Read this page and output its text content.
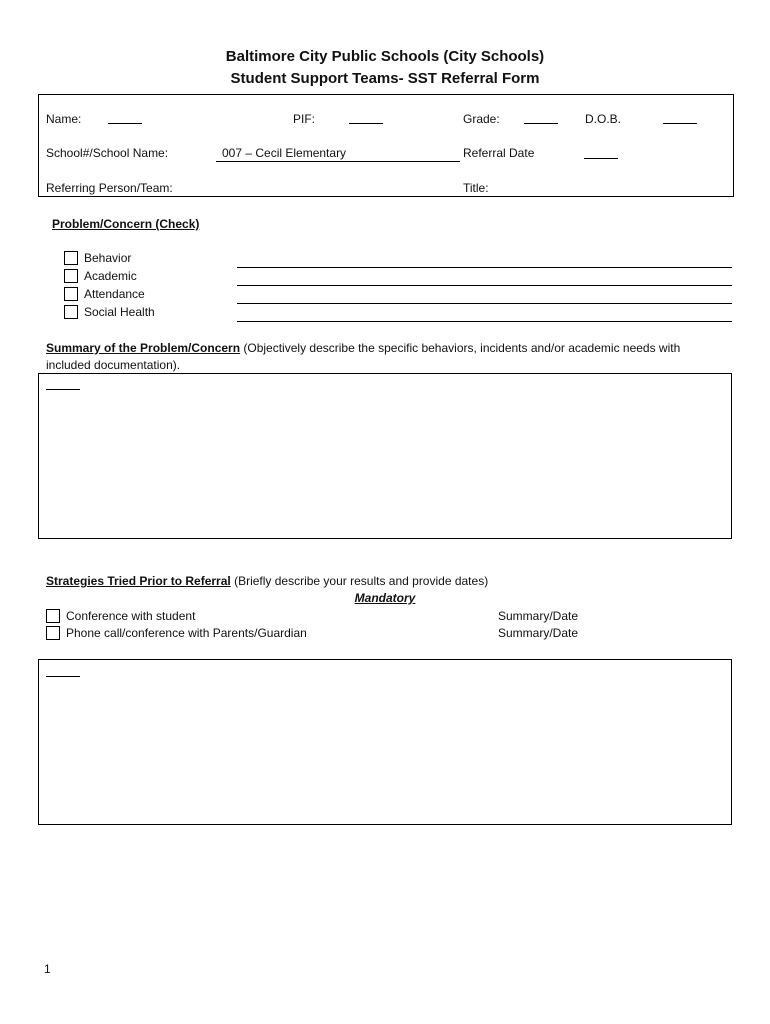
Baltimore City Public Schools (City Schools)
Student Support Teams- SST Referral Form
Name:	PIF:	Grade:	D.O.B.
School#/School Name:	007 – Cecil Elementary	Referral Date
Referring Person/Team:	Title:
Problem/Concern (Check)
Behavior
Academic
Attendance
Social Health
Summary of the Problem/Concern (Objectively describe the specific behaviors, incidents and/or academic needs with
included documentation).
Strategies Tried Prior to Referral (Briefly describe your results and provide dates)
Mandatory
Conference with student	Summary/Date
Phone call/conference with Parents/Guardian	Summary/Date
1
